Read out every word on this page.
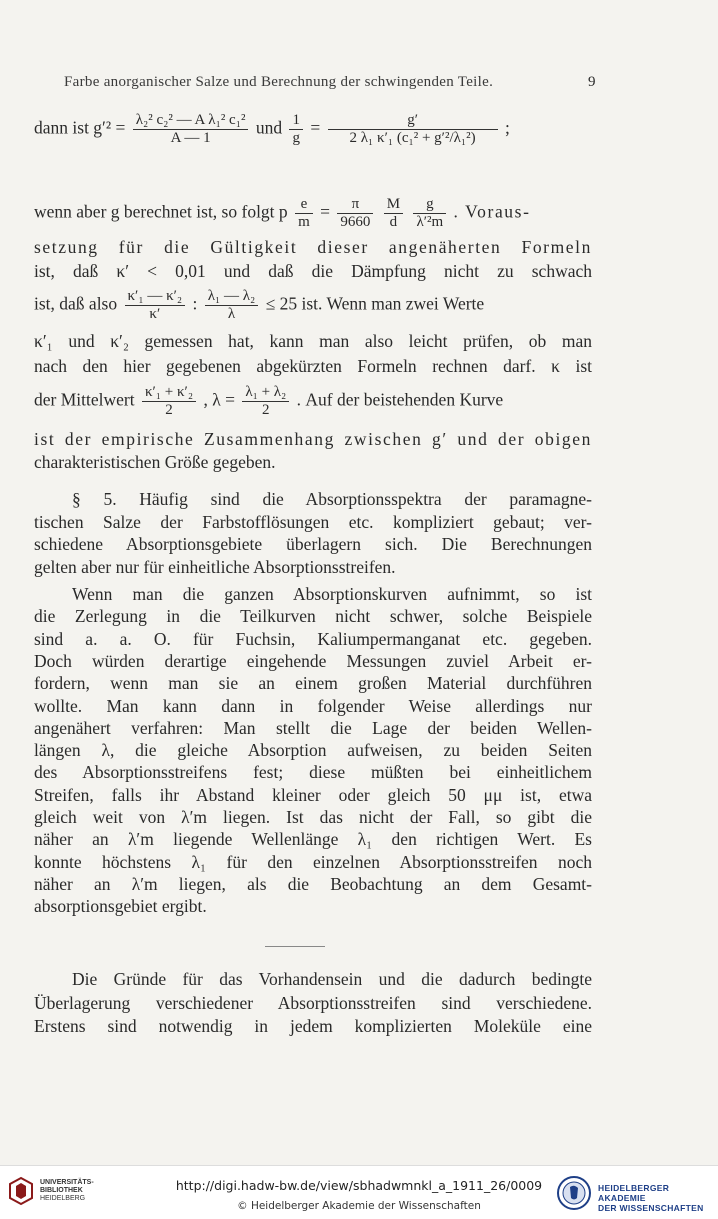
Farbe anorganischer Salze und Berechnung der schwingenden Teile.	9
dann ist $g'^2 = \frac{\text{λ₂² c₂² — A λ₁² c₁²}}{A — 1}$ und $\frac{1}{g} = \frac{g'}{\text{2 λ₁ κ′₁ (c₁² + g′²/λ₁²)}}$ ;
wenn aber g berechnet ist, so folgt p $\frac{e}{m} = \frac{\pi}{9660}$
$\frac{M}{d}$
$\frac{g}{\text{λ′²m}}$ . Voraus-
setzung für die Gültigkeit dieser angenäherten Formeln
ist, daß κ′ < 0,01 und daß die Dämpfung nicht zu schwach
ist, daß also $\frac{\text{κ′₁ — κ′₂}}{\kappa'}$ : $\frac{\text{λ₁ — λ₂}}{\lambda} \le 25$ ist. Wenn man zwei Werte
κ′₁ und κ′₂ gemessen hat, kann man also leicht prüfen, ob man
nach den hier gegebenen abgekürzten Formeln rechnen darf. κ ist
der Mittelwert $\frac{\text{κ′₁ + κ′₂}}{2}$ , $\lambda = \frac{\text{λ₁ + λ₂}}{2}$ . Auf der beistehenden Kurve
ist der empirische Zusammenhang zwischen g′ und der obigen
charakteristischen Größe gegeben.
§ 5. Häufig sind die Absorptionsspektra der paramagne-
tischen Salze der Farbstofflösungen etc. kompliziert gebaut; ver-
schiedene Absorptionsgebiete überlagern sich. Die Berechnungen
gelten aber nur für einheitliche Absorptionsstreifen.
Wenn man die ganzen Absorptionskurven aufnimmt, so ist
die Zerlegung in die Teilkurven nicht schwer, solche Beispiele
sind a. a. O. für Fuchsin, Kaliumpermanganat etc. gegeben.
Doch würden derartige eingehende Messungen zuviel Arbeit er-
fordern, wenn man sie an einem großen Material durchführen
wollte. Man kann dann in folgender Weise allerdings nur
angenähert verfahren: Man stellt die Lage der beiden Wellen-
längen λ, die gleiche Absorption aufweisen, zu beiden Seiten
des Absorptionsstreifens fest; diese müßten bei einheitlichem
Streifen, falls ihr Abstand kleiner oder gleich 50 μμ ist, etwa
gleich weit von λ′m liegen. Ist das nicht der Fall, so gibt die
näher an λ′m liegende Wellenlänge λ₁ den richtigen Wert. Es
konnte höchstens λ₁ für den einzelnen Absorptionsstreifen noch
näher an λ′m liegen, als die Beobachtung an dem Gesamt-
absorptionsgebiet ergibt.
Die Gründe für das Vorhandensein und die dadurch bedingte
Überlagerung verschiedener Absorptionsstreifen sind verschiedene.
Erstens sind notwendig in jedem komplizierten Moleküle eine
UNIVERSITÄTS-
BIBLIOTHEK
HEIDELBERG
http://digi.hadw-bw.de/view/sbhadwmnkl_a_1911_26/0009
© Heidelberger Akademie der Wissenschaften
HEIDELBERGER AKADEMIE
DER WISSENSCHAFTEN
